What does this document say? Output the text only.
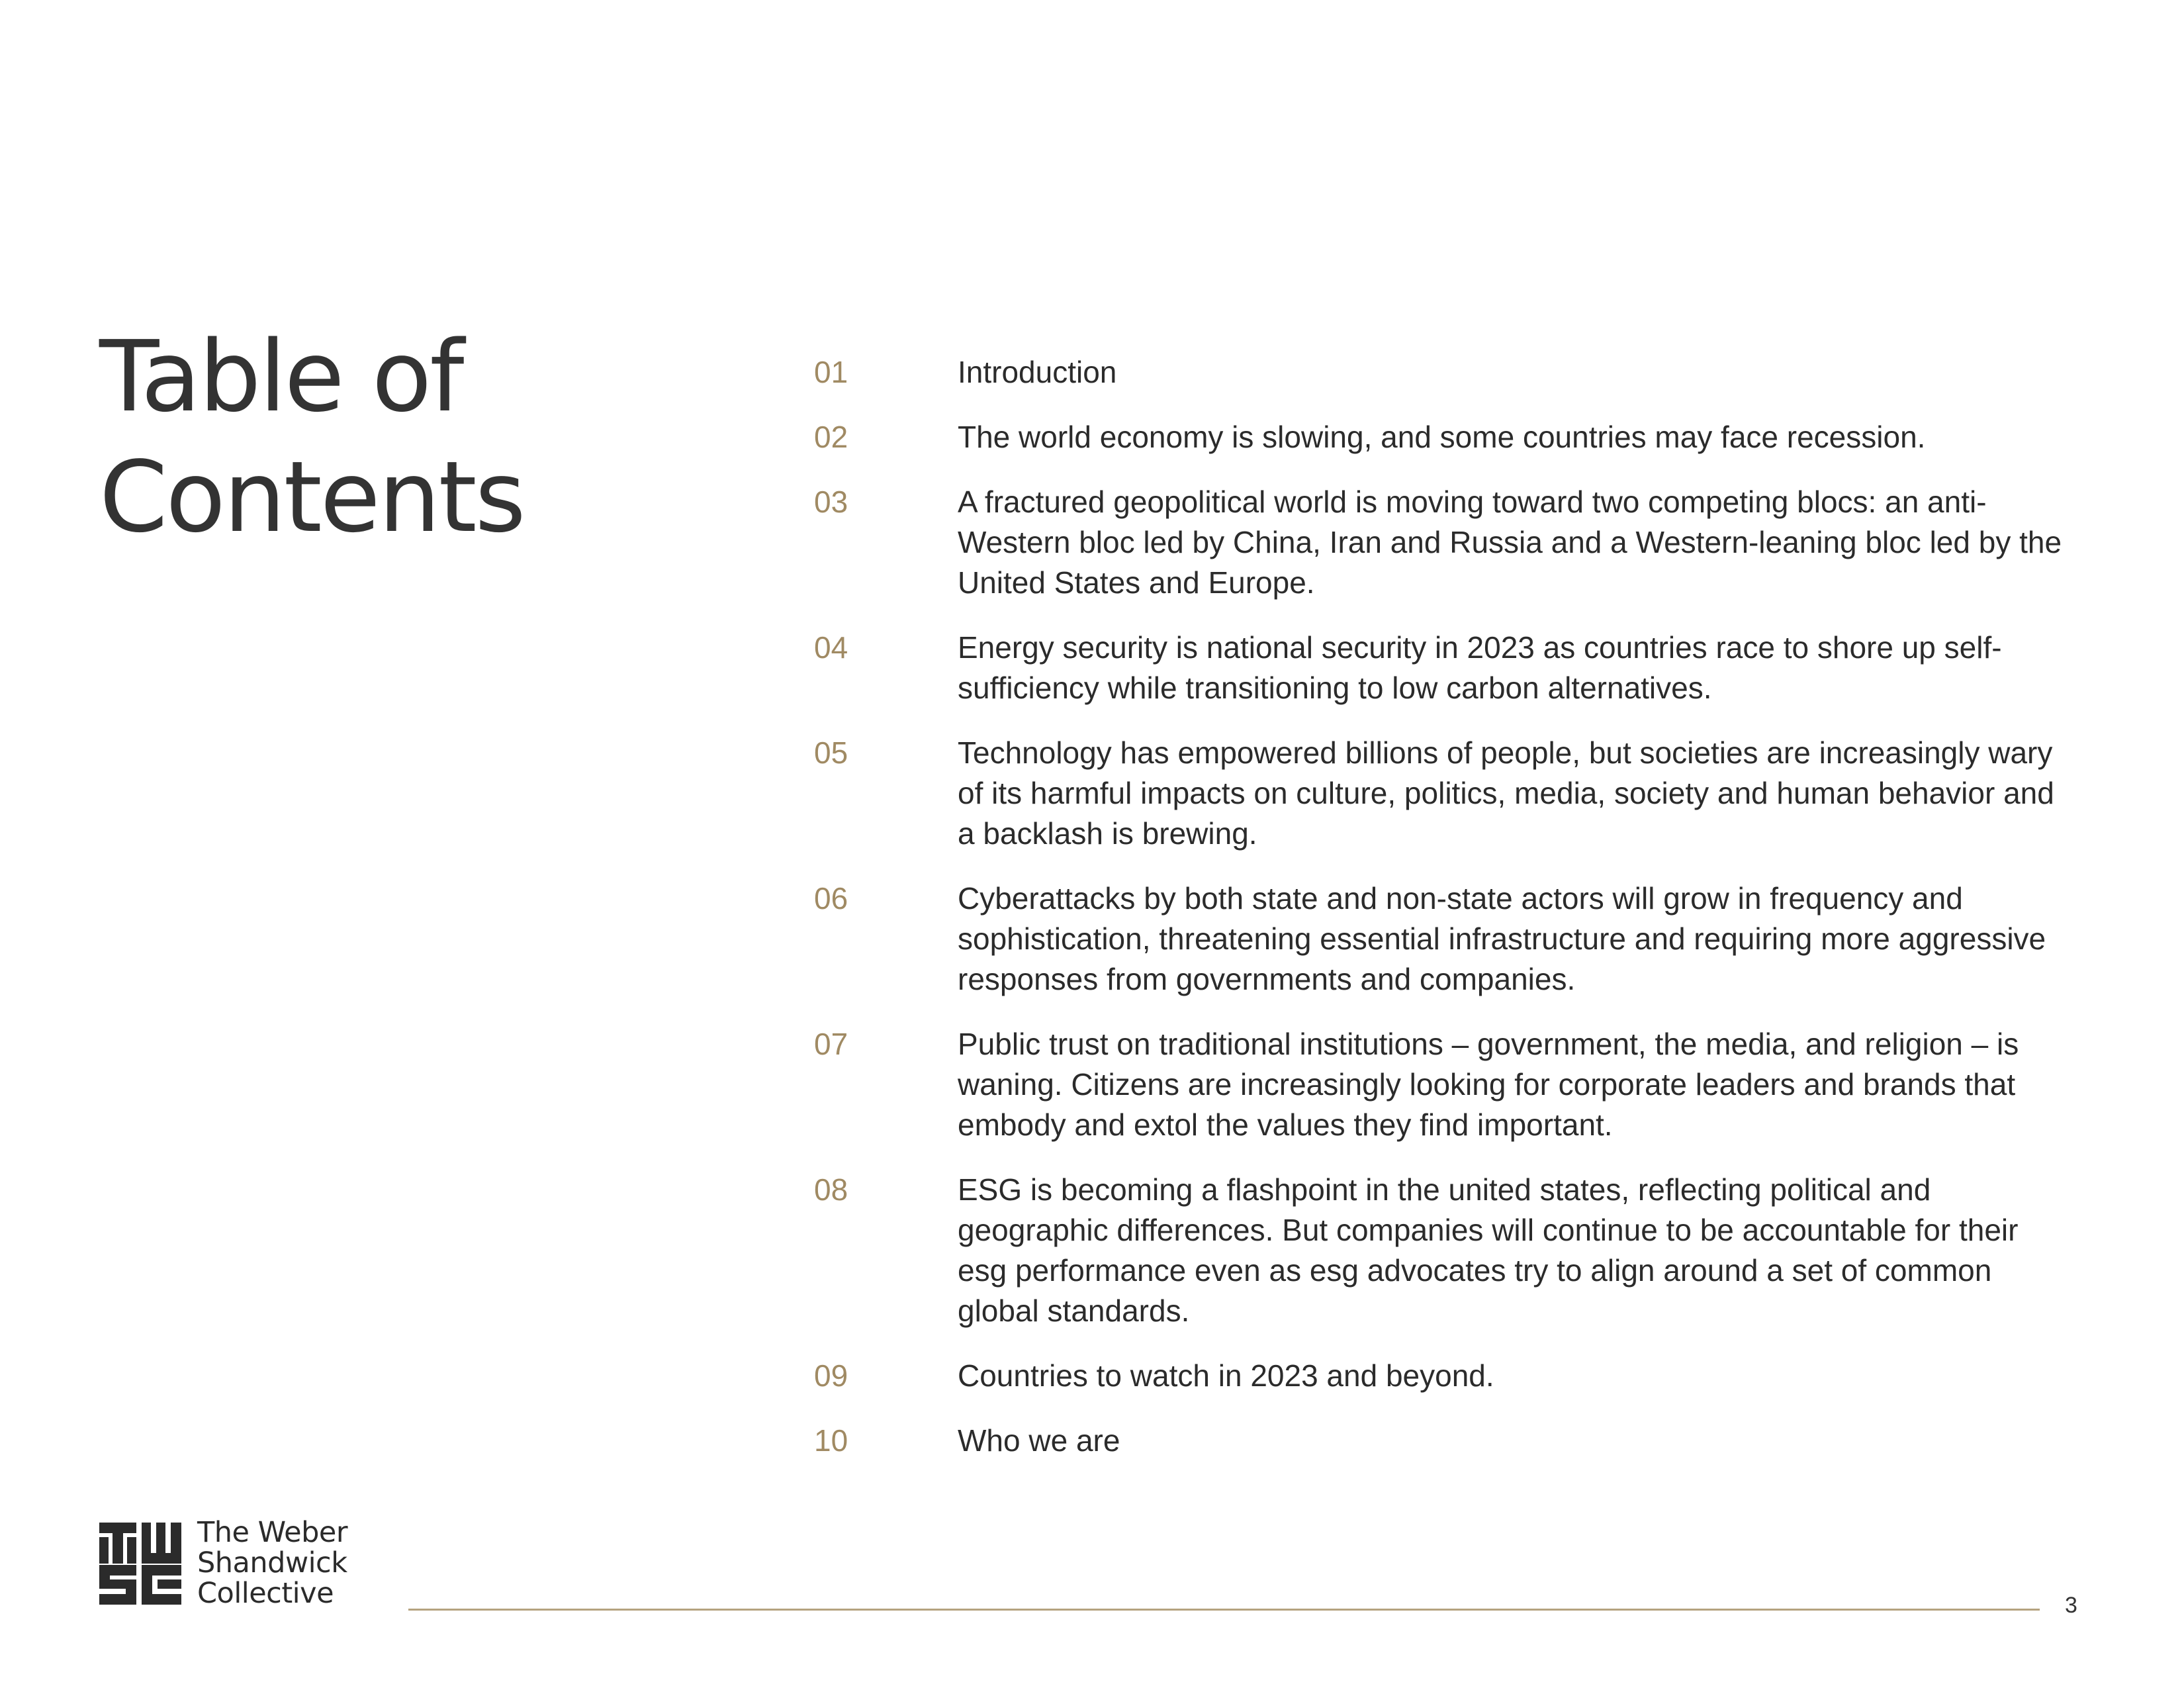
Table of
Contents
01	Introduction
02	The world economy is slowing, and some countries may face recession.
03	A fractured geopolitical world is moving toward two competing blocs: an anti-Western bloc led by China, Iran and Russia and a Western-leaning bloc led by the United States and Europe.
04	Energy security is national security in 2023 as countries race to shore up self-sufficiency while transitioning to low carbon alternatives.
05	Technology has empowered billions of people, but societies are increasingly wary of its harmful impacts on culture, politics, media, society and human behavior and a backlash is brewing.
06	Cyberattacks by both state and non-state actors will grow in frequency and sophistication, threatening essential infrastructure and requiring more aggressive responses from governments and companies.
07	Public trust on traditional institutions – government, the media, and religion – is waning. Citizens are increasingly looking for corporate leaders and brands that embody and extol the values they find important.
08	ESG is becoming a flashpoint in the united states, reflecting political and geographic differences. But companies will continue to be accountable for their esg performance even as esg advocates try to align around a set of common global standards.
09	Countries to watch in 2023 and beyond.
10	Who we are
The Weber
Shandwick
Collective	3
